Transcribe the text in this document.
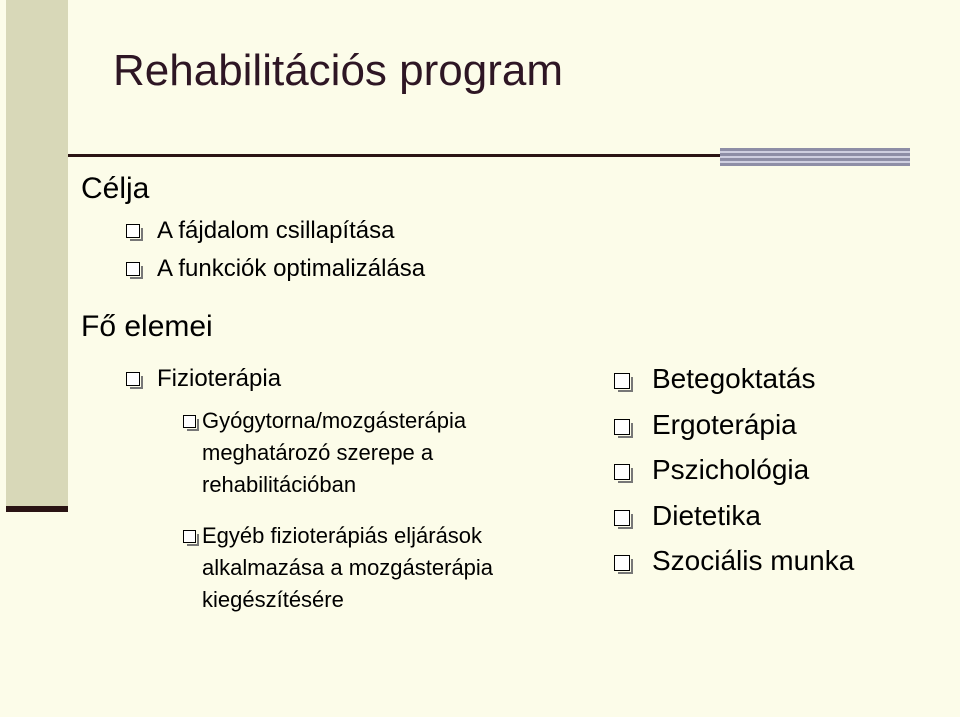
Rehabilitációs program
Célja
A fájdalom csillapítása
A funkciók optimalizálása
Fő elemei
Fizioterápia
Gyógytorna/mozgásterápia meghatározó szerepe a rehabilitációban
Egyéb fizioterápiás eljárások alkalmazása a mozgásterápia kiegészítésére
Betegoktatás
Ergoterápia
Pszichológia
Dietetika
Szociális munka
